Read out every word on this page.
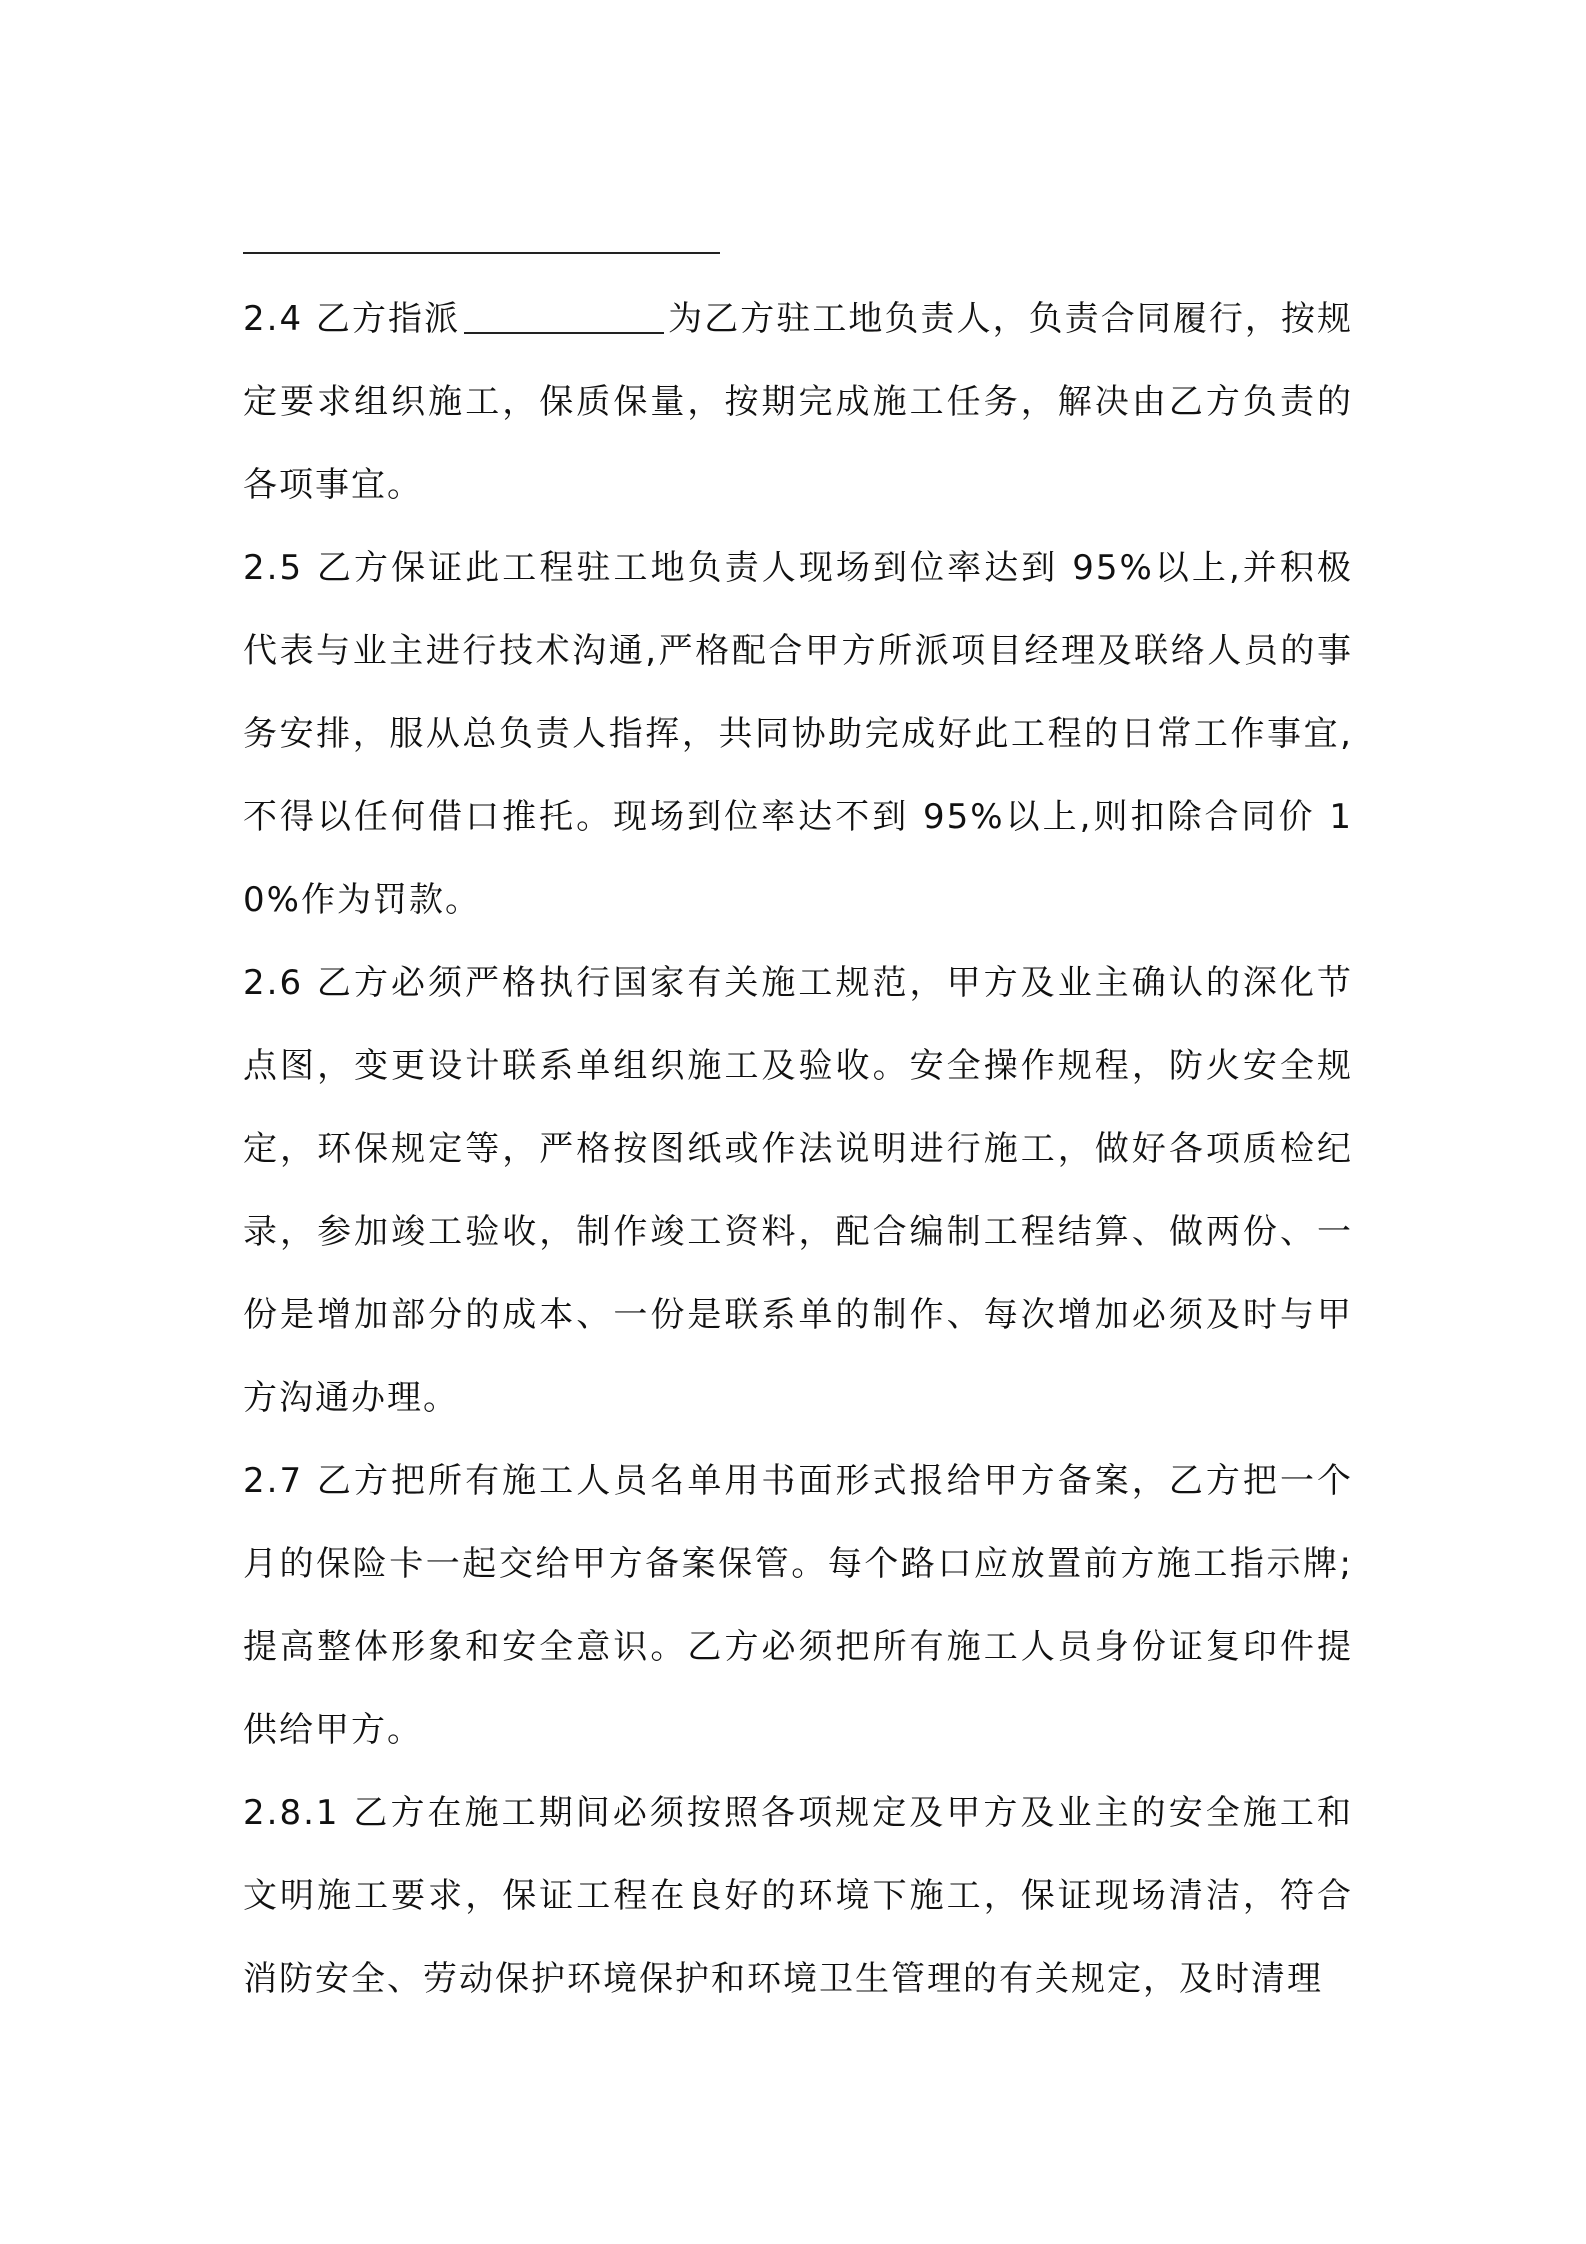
2.4 乙方指派	为乙方驻工地负责人，负责合同履行，按规定要求组织施工，保质保量，按期完成施工任务，解决由乙方负责的各项事宜。

2.5 乙方保证此工程驻工地负责人现场到位率达到 95%以上,并积极代表与业主进行技术沟通,严格配合甲方所派项目经理及联络人员的事务安排，服从总负责人指挥，共同协助完成好此工程的日常工作事宜,不得以任何借口推托。现场到位率达不到 95%以上,则扣除合同价 10%作为罚款。

2.6 乙方必须严格执行国家有关施工规范，甲方及业主确认的深化节点图，变更设计联系单组织施工及验收。安全操作规程，防火安全规定，环保规定等，严格按图纸或作法说明进行施工，做好各项质检纪录，参加竣工验收，制作竣工资料，配合编制工程结算、做两份、一份是增加部分的成本、一份是联系单的制作、每次增加必须及时与甲方沟通办理。

2.7 乙方把所有施工人员名单用书面形式报给甲方备案，乙方把一个月的保险卡一起交给甲方备案保管。每个路口应放置前方施工指示牌;提高整体形象和安全意识。乙方必须把所有施工人员身份证复印件提供给甲方。

2.8.1 乙方在施工期间必须按照各项规定及甲方及业主的安全施工和文明施工要求，保证工程在良好的环境下施工，保证现场清洁，符合消防安全、劳动保护环境保护和环境卫生管理的有关规定，及时清理
